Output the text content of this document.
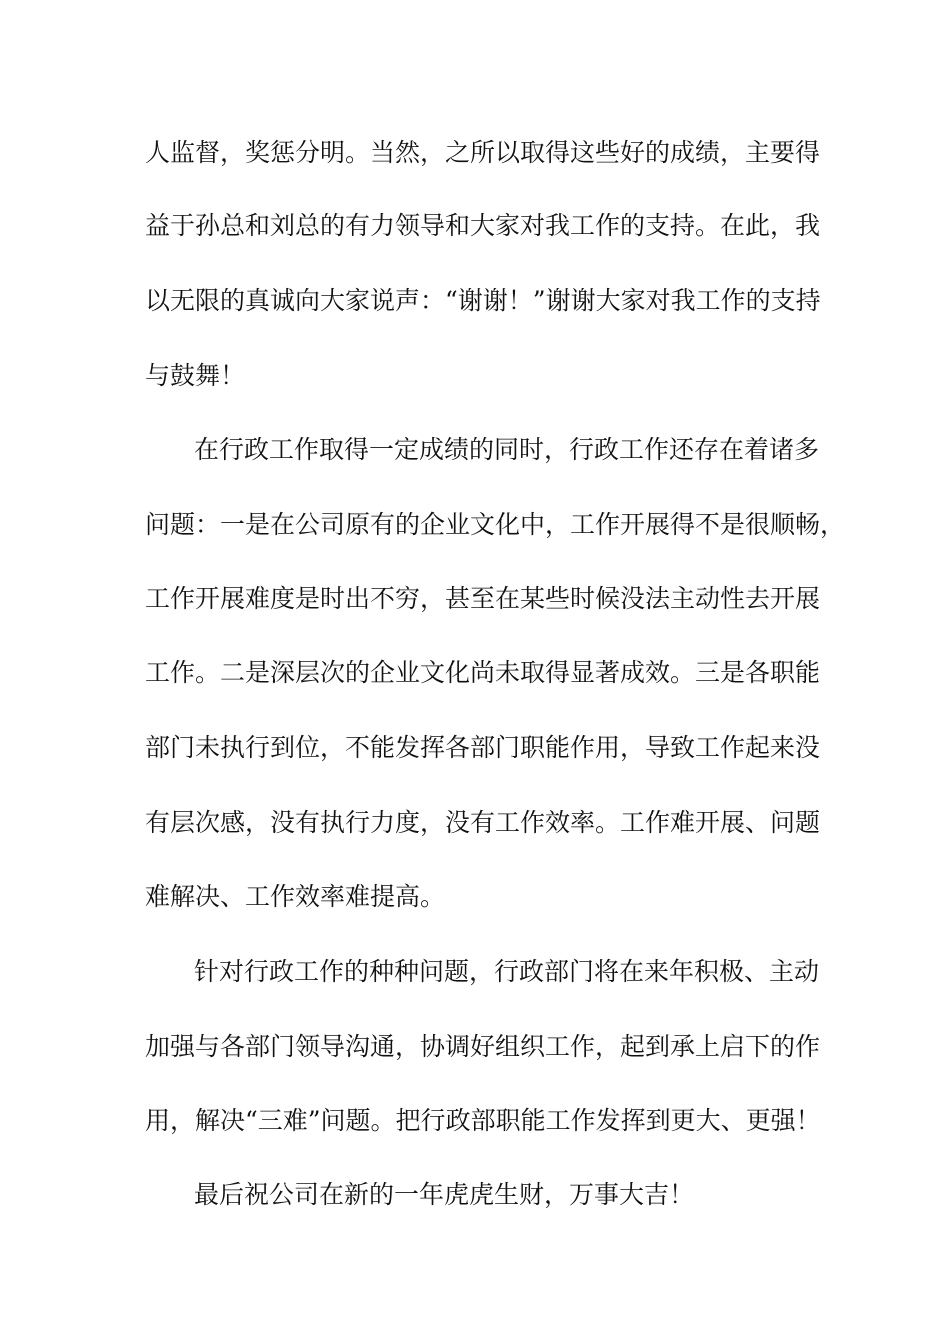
人监督，奖惩分明。当然，之所以取得这些好的成绩，主要得
益于孙总和刘总的有力领导和大家对我工作的支持。在此，我
以无限的真诚向大家说声：“谢谢！”谢谢大家对我工作的支持
与鼓舞！
在行政工作取得一定成绩的同时，行政工作还存在着诸多
问题：一是在公司原有的企业文化中，工作开展得不是很顺畅，
工作开展难度是时出不穷，甚至在某些时候没法主动性去开展
工作。二是深层次的企业文化尚未取得显著成效。三是各职能
部门未执行到位，不能发挥各部门职能作用，导致工作起来没
有层次感，没有执行力度，没有工作效率。工作难开展、问题
难解决、工作效率难提高。
针对行政工作的种种问题，行政部门将在来年积极、主动
加强与各部门领导沟通，协调好组织工作，起到承上启下的作
用，解决“三难”问题。把行政部职能工作发挥到更大、更强！
最后祝公司在新的一年虎虎生财，万事大吉！
